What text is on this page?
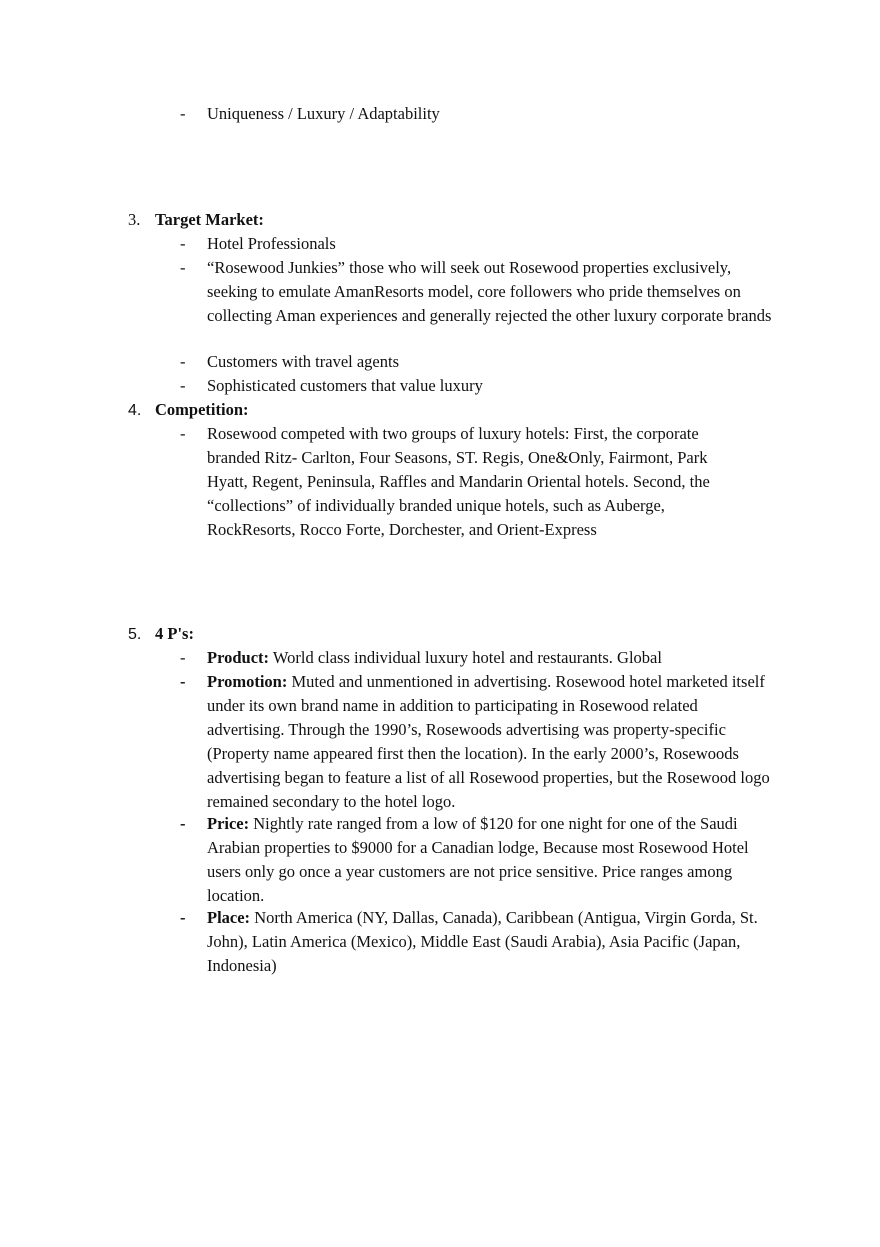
-	Uniqueness / Luxury / Adaptability
3. Target Market:
-	Hotel Professionals
-	“Rosewood Junkies” those who will seek out Rosewood properties exclusively, seeking to emulate AmanResorts model, core followers who pride themselves on collecting Aman experiences and generally rejected the other luxury corporate brands
-	Customers with travel agents
-	Sophisticated customers that value luxury
4. Competition:
-	Rosewood competed with two groups of luxury hotels: First, the corporate branded Ritz- Carlton, Four Seasons, ST. Regis, One&Only, Fairmont, Park Hyatt, Regent, Peninsula, Raffles and Mandarin Oriental hotels. Second, the “collections” of individually branded unique hotels, such as Auberge, RockResorts, Rocco Forte, Dorchester, and Orient-Express
5. 4 P's:
-	Product: World class individual luxury hotel and restaurants. Global
-	Promotion: Muted and unmentioned in advertising. Rosewood hotel marketed itself under its own brand name in addition to participating in Rosewood related advertising. Through the 1990’s, Rosewoods advertising was property-specific (Property name appeared first then the location). In the early 2000’s, Rosewoods advertising began to feature a list of all Rosewood properties, but the Rosewood logo remained secondary to the hotel logo.
-	Price: Nightly rate ranged from a low of $120 for one night for one of the Saudi Arabian properties to $9000 for a Canadian lodge, Because most Rosewood Hotel users only go once a year customers are not price sensitive. Price ranges among location.
-	Place: North America (NY, Dallas, Canada), Caribbean (Antigua, Virgin Gorda, St. John), Latin America (Mexico), Middle East (Saudi Arabia), Asia Pacific (Japan, Indonesia)
